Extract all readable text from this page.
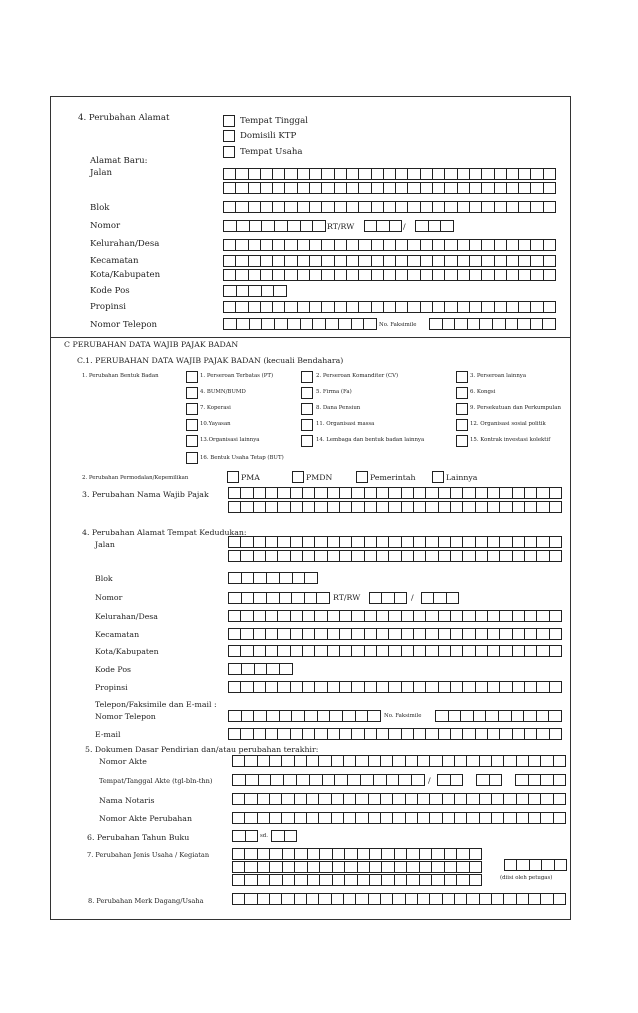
4. Perubahan Alamat	Tempat Tinggal
Domisili KTP
Tempat Usaha
Alamat Baru:
Jalan
Blok
Nomor	RT/RW	/
Kelurahan/Desa
Kecamatan
Kota/Kabupaten
Kode Pos
Propinsi
Nomor Telepon	No. Faksimile
C PERUBAHAN DATA WAJIB PAJAK BADAN
C.1. PERUBAHAN DATA WAJIB PAJAK BADAN (kecuali Bendahara)
1. Perubahan Bentuk Badan	1. Perseroan Terbatas (PT)	2. Perseroan Komanditer (CV)	3. Perseroan lainnya
4. BUMN/BUMD	5. Firma (Fa)	6. Kongsi
7. Koperasi	8. Dana Pensiun	9. Persekutuan dan Perkumpulan
10.Yayasan	11. Organisasi massa	12. Organisasi sosial politik
13.Organisasi lainnya	14. Lembaga dan bentuk badan lainnya	15. Kontrak investasi kolektif
16. Bentuk Usaha Tetap (BUT)
2. Perubahan Permodalan/Kepemilikan	PMA	PMDN	Pemerintah	Lainnya
3. Perubahan Nama Wajib Pajak
4. Perubahan Alamat Tempat Kedudukan:
Jalan
Blok
Nomor	RT/RW	/
Kelurahan/Desa
Kecamatan
Kota/Kabupaten
Kode Pos
Propinsi
Telepon/Faksimile dan E-mail :
Nomor Telepon	No. Faksimile
E-mail
5. Dokumen Dasar Pendirian dan/atau perubahan terakhir:
Nomor Akte
Tempat/Tanggal Akte (tgl-bln-thn)	/
Nama Notaris
Nomor Akte Perubahan
6. Perubahan Tahun Buku	sd.
7. Perubahan Jenis Usaha / Kegiatan
(diisi oleh petugas)
8. Perubahan Merk Dagang/Usaha
